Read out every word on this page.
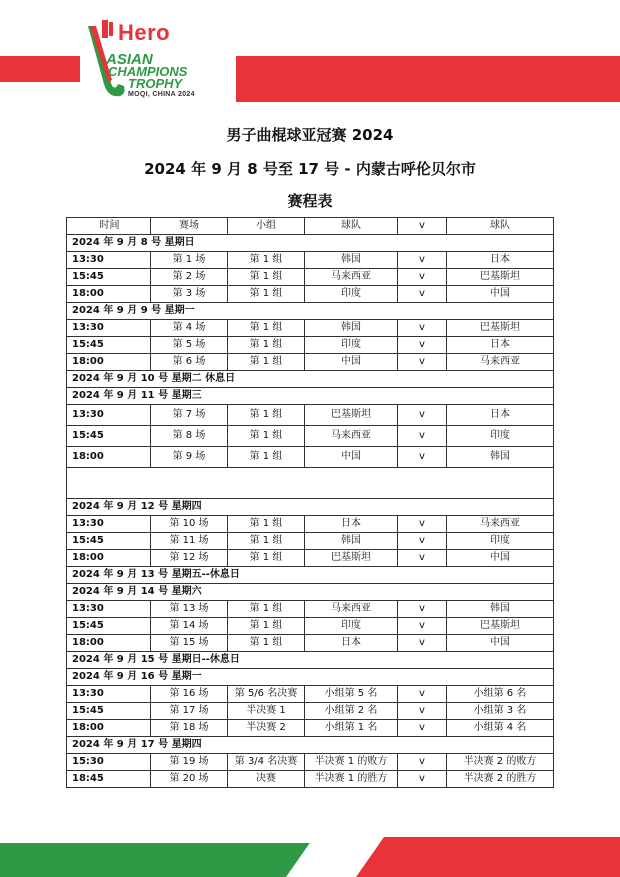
Hero
ASIAN
CHAMPIONS
TROPHY
MOQI, CHINA 2024
男子曲棍球亚冠赛 2024
2024 年 9 月 8 号至 17 号 - 内蒙古呼伦贝尔市
赛程表
时间	赛场	小组	球队	v	球队
2024 年 9 月 8 号 星期日					
13:30	第 1 场	第 1 组	韩国	v	日本
15:45	第 2 场	第 1 组	马来西亚	v	巴基斯坦
18:00	第 3 场	第 1 组	印度	v	中国
2024 年 9 月 9 号 星期一					
13:30	第 4 场	第 1 组	韩国	v	巴基斯坦
15:45	第 5 场	第 1 组	印度	v	日本
18:00	第 6 场	第 1 组	中国	v	马来西亚
2024 年 9 月 10 号 星期二 休息日					
2024 年 9 月 11 号 星期三					
13:30	第 7 场	第 1 组	巴基斯坦	v	日本
15:45	第 8 场	第 1 组	马来西亚	v	印度
18:00	第 9 场	第 1 组	中国	v	韩国

2024 年 9 月 12 号 星期四					
13:30	第 10 场	第 1 组	日本	v	马来西亚
15:45	第 11 场	第 1 组	韩国	v	印度
18:00	第 12 场	第 1 组	巴基斯坦	v	中国
2024 年 9 月 13 号 星期五--休息日					
2024 年 9 月 14 号 星期六					
13:30	第 13 场	第 1 组	马来西亚	v	韩国
15:45	第 14 场	第 1 组	印度	v	巴基斯坦
18:00	第 15 场	第 1 组	日本	v	中国
2024 年 9 月 15 号 星期日--休息日					
2024 年 9 月 16 号 星期一					
13:30	第 16 场	第 5/6 名决赛	小组第 5 名	v	小组第 6 名
15:45	第 17 场	半决赛 1	小组第 2 名	v	小组第 3 名
18:00	第 18 场	半决赛 2	小组第 1 名	v	小组第 4 名
2024 年 9 月 17 号 星期四					
15:30	第 19 场	第 3/4 名决赛	半决赛 1 的败方	v	半决赛 2 的败方
18:45	第 20 场	决赛	半决赛 1 的胜方	v	半决赛 2 的胜方
